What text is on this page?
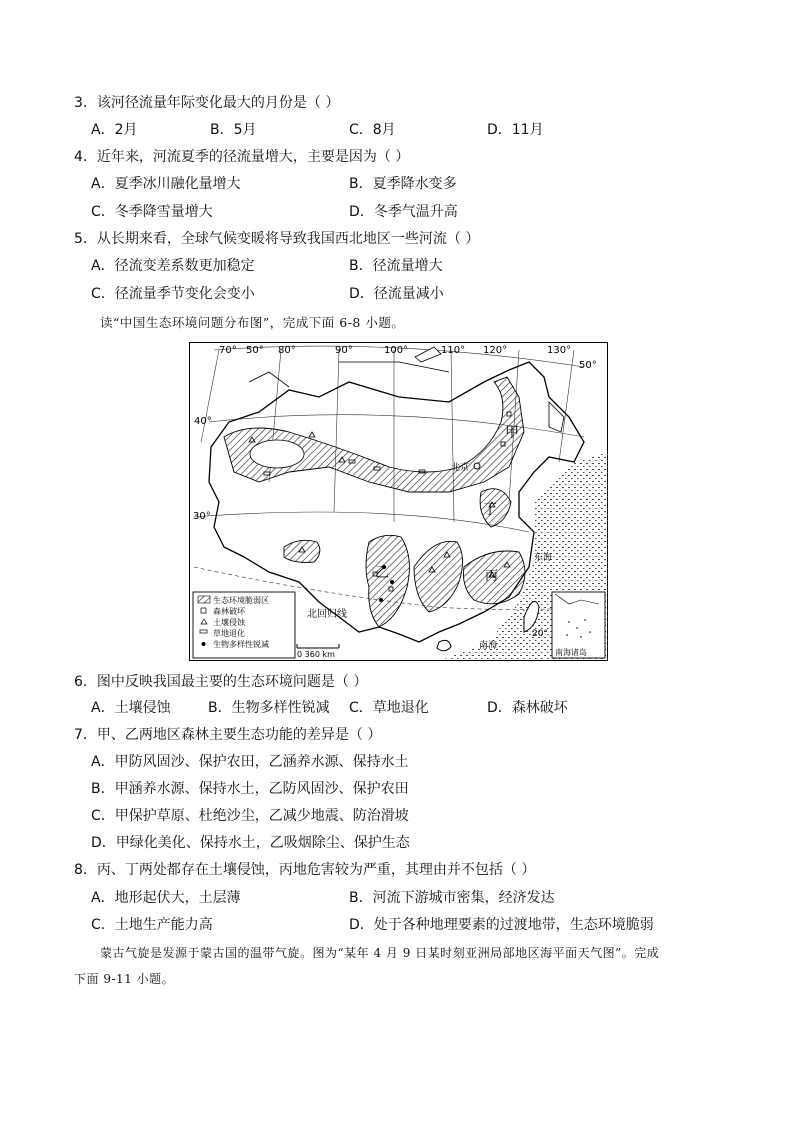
3．该河径流量年际变化最大的月份是（ ）
A．2月	B．5月	C．8月	D．11月
4．近年来，河流夏季的径流量增大，主要是因为（ ）
A．夏季冰川融化量增大	B．夏季降水变多
C．冬季降雪量增大	D．冬季气温升高
5．从长期来看，全球气候变暖将导致我国西北地区一些河流（ ）
A．径流变差系数更加稳定	B．径流量增大
C．径流量季节变化会变小	D．径流量减小
读“中国生态环境问题分布图”，完成下面 6-8 小题。
北京
甲
乙	丙
丁
东海
南海
北回归线
70° 50° 80°	90°	100°	110° 120°	130°
50°
40°
30°
20°
生态环境脆弱区
森林破坏
土壤侵蚀
草地退化
生物多样性锐减
0 360 km	南海诸岛
6．图中反映我国最主要的生态环境问题是（ ）
A．土壤侵蚀	B．生物多样性锐减 C．草地退化	D．森林破坏
7．甲、乙两地区森林主要生态功能的差异是（ ）
A．甲防风固沙、保护农田，乙涵养水源、保持水土
B．甲涵养水源、保持水土，乙防风固沙、保护农田
C．甲保护草原、杜绝沙尘，乙减少地震、防治滑坡
D．甲绿化美化、保持水土，乙吸烟除尘、保护生态
8．丙、丁两处都存在土壤侵蚀，丙地危害较为严重，其理由并不包括（ ）
A．地形起伏大，土层薄	B．河流下游城市密集，经济发达
C．土地生产能力高	D．处于各种地理要素的过渡地带，生态环境脆弱
蒙古气旋是发源于蒙古国的温带气旋。图为“某年 4 月 9 日某时刻亚洲局部地区海平面天气图”。完成
下面 9-11 小题。
